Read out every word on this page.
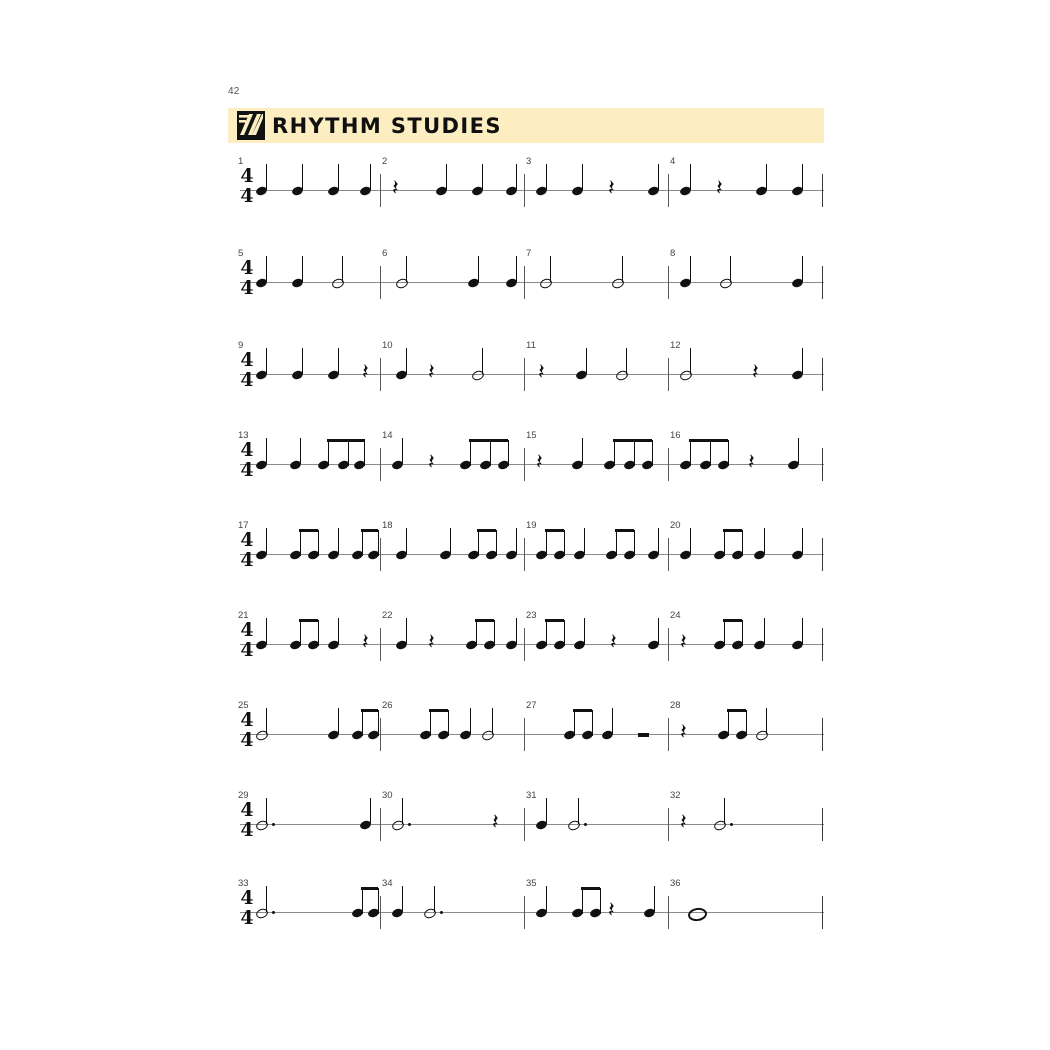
42
RHYTHM STUDIES
4
4
1	2	3	4
𝄽	𝄽	𝄽
4
4
5	6	7	8
4
4
9	10	11	12
𝄽	𝄽	𝄽	𝄽
4
4
13	14	15	16
𝄽	𝄽	𝄽
4
4
17	18	19	20
4
4
21	22	23	24
𝄽	𝄽	𝄽	𝄽
4
4
25	26	27	28
𝄽
4
4
29	30	31	32
𝄽	𝄽
4
4
33	34	35	36
𝄽
